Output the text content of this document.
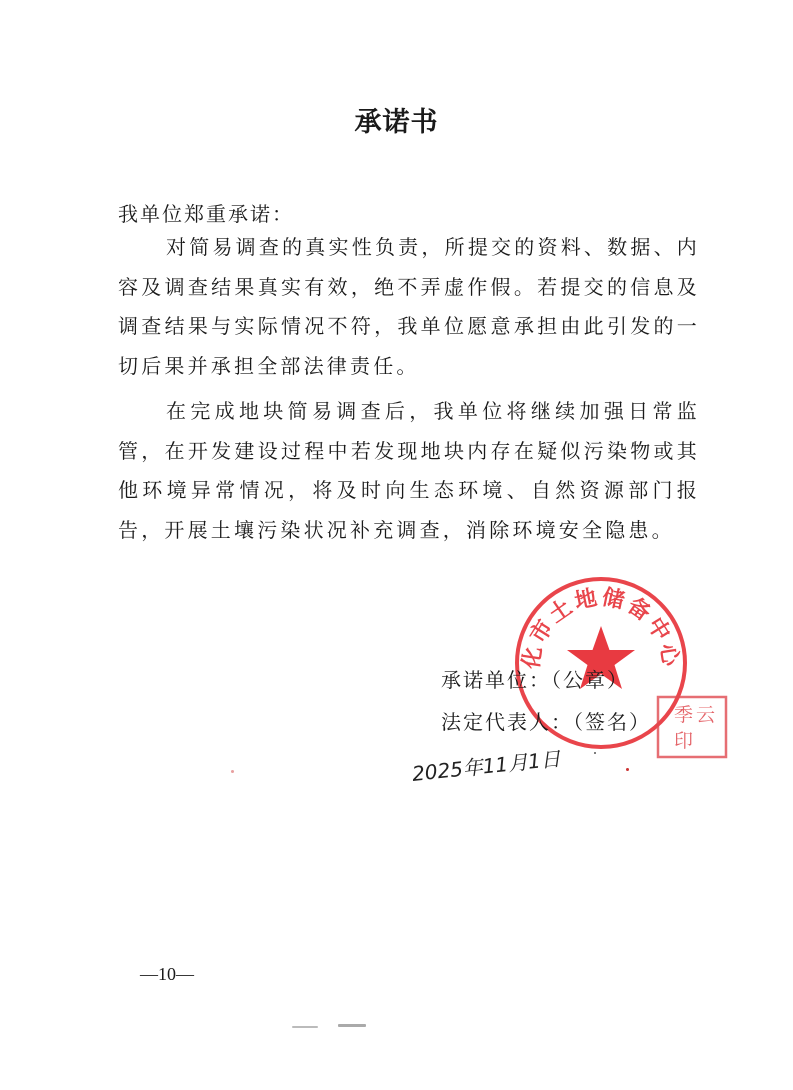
承诺书
我单位郑重承诺：
对简易调查的真实性负责，所提交的资料、数据、内容及调查结果真实有效，绝不弄虚作假。若提交的信息及调查结果与实际情况不符，我单位愿意承担由此引发的一切后果并承担全部法律责任。
在完成地块简易调查后，我单位将继续加强日常监管，在开发建设过程中若发现地块内存在疑似污染物或其他环境异常情况，将及时向生态环境、自然资源部门报告，开展土壤污染状况补充调查，消除环境安全隐患。
化市土地储备中心
承诺单位：（公章）
法定代表人：（签名） 季 云
印
2025年11月1日
—10—
